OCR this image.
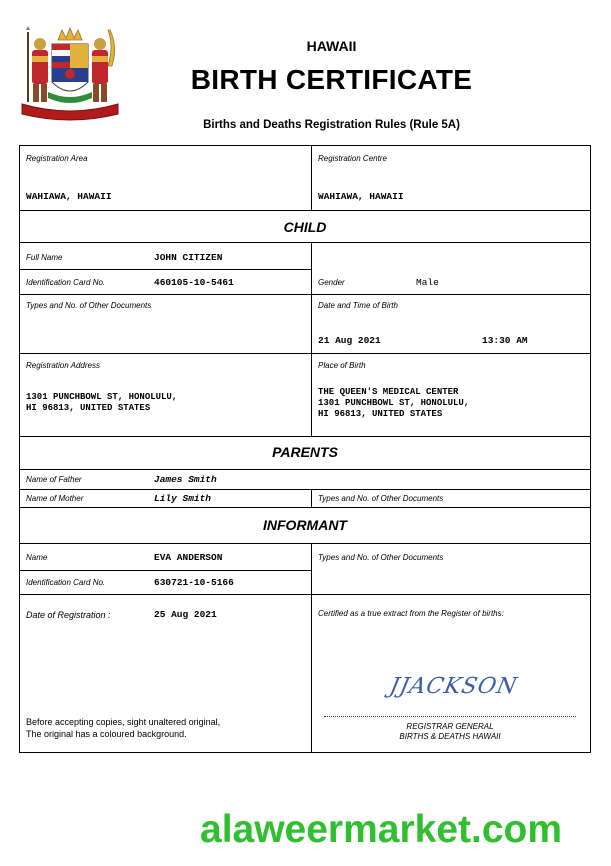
HAWAII
BIRTH CERTIFICATE
Births and Deaths Registration Rules (Rule 5A)
Registration Area
WAHIAWA, HAWAII
Registration Centre
WAHIAWA, HAWAII
CHILD
Full Name	JOHN CITIZEN
Identification Card No.	460105-10-5461	Gender	Male
Types and No. of Other Documents	Date and Time of Birth
21 Aug 2021	13:30 AM
Registration Address
1301 PUNCHBOWL ST, HONOLULU,
HI 96813, UNITED STATES
Place of Birth
THE QUEEN'S MEDICAL CENTER
1301 PUNCHBOWL ST, HONOLULU,
HI 96813, UNITED STATES
PARENTS
Name of Father	James Smith
Name of Mother	Lily Smith	Types and No. of Other Documents
INFORMANT
Name	EVA ANDERSON
Identification Card No.	630721-10-5166
Types and No. of Other Documents
Date of Registration :	25 Aug 2021	Certified as a true extract from the Register of births:
JJACKSON
REGISTRAR GENERAL
BIRTHS & DEATHS HAWAII
Before accepting copies, sight unaltered original,
The original has a coloured background.
alaweermarket.com
